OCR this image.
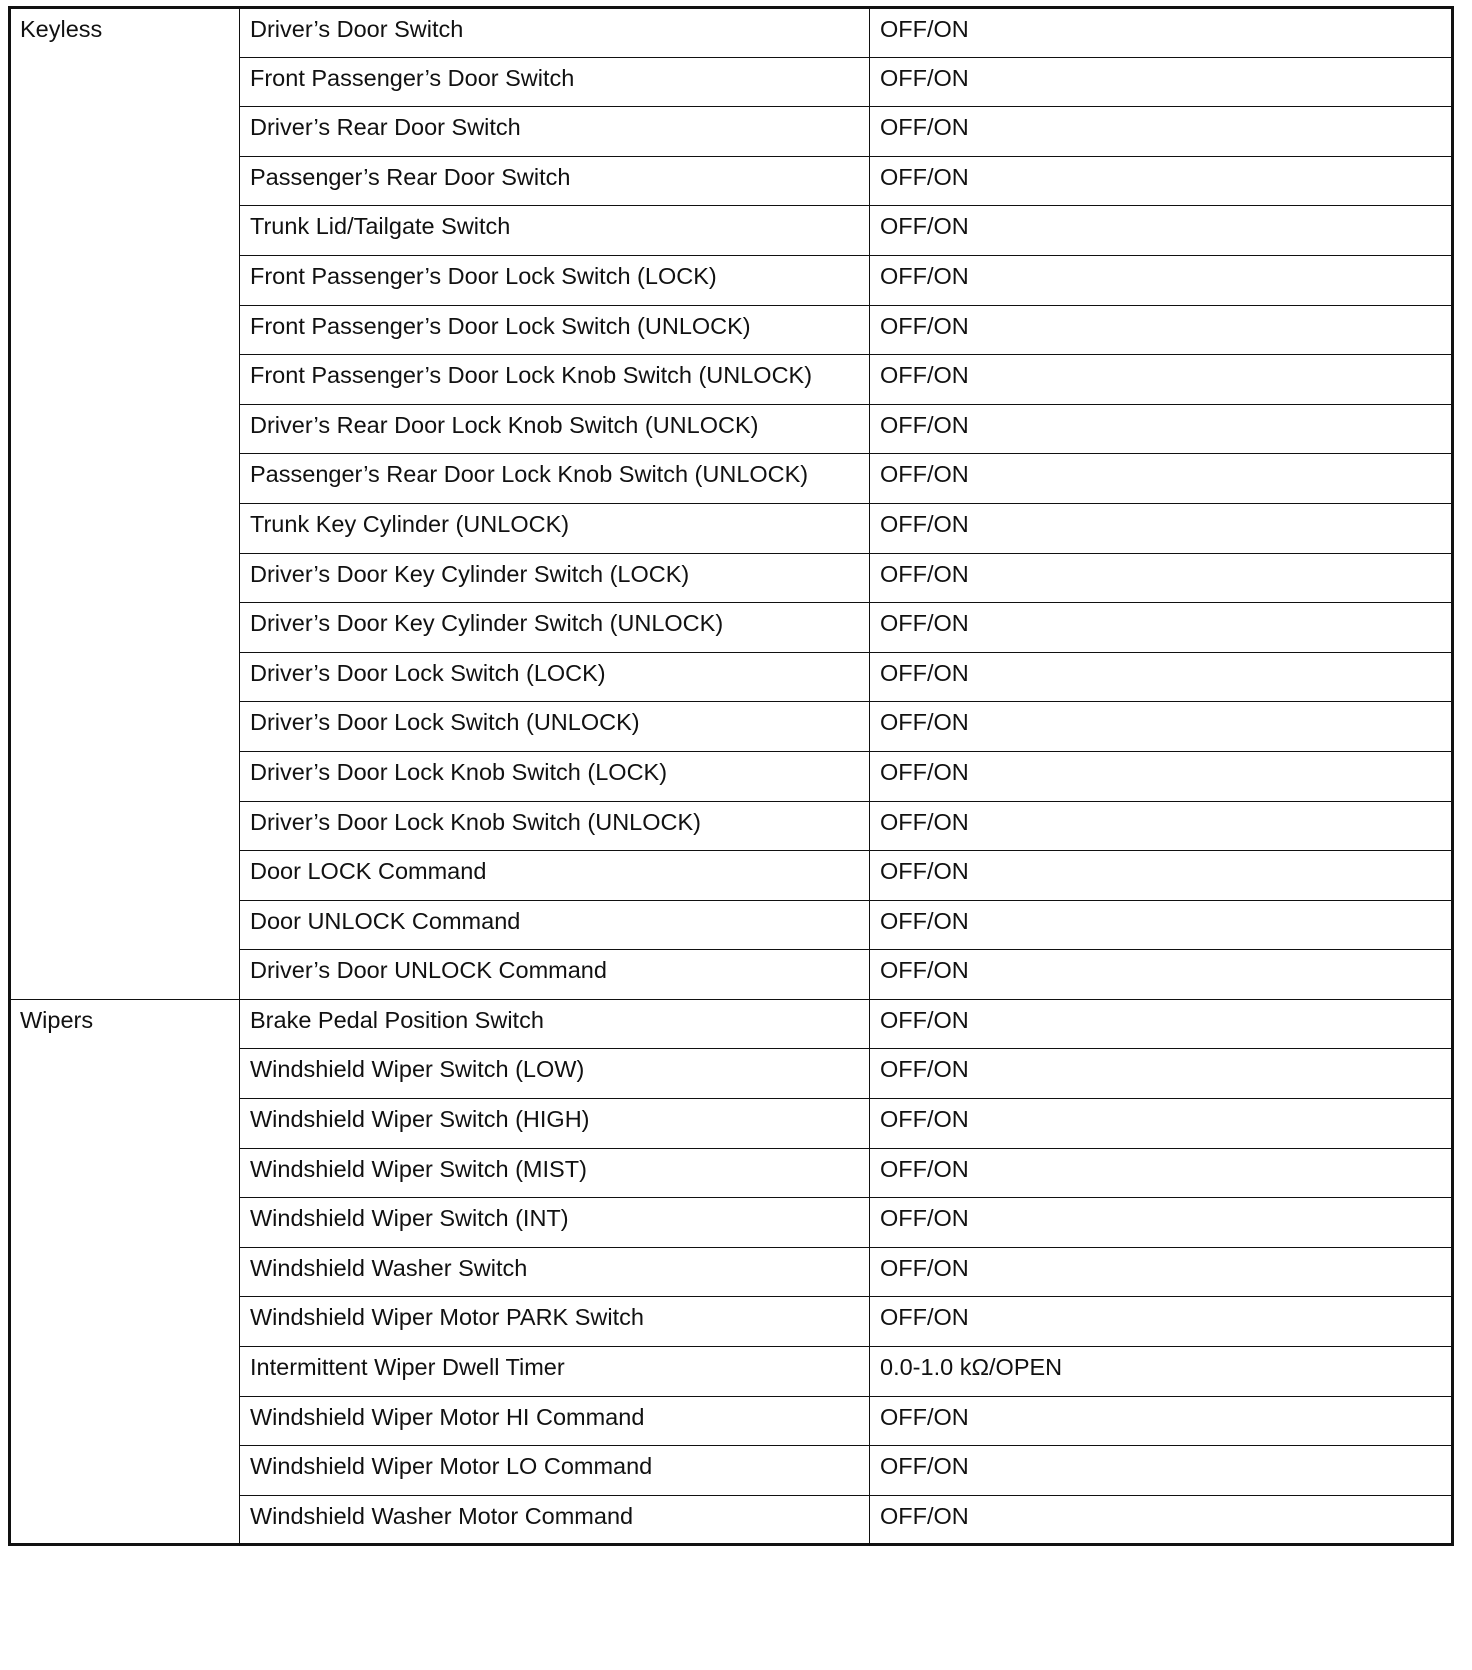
Keyless	Driver’s Door Switch	OFF/ON
	Front Passenger’s Door Switch	OFF/ON
	Driver’s Rear Door Switch	OFF/ON
	Passenger’s Rear Door Switch	OFF/ON
	Trunk Lid/Tailgate Switch	OFF/ON
	Front Passenger’s Door Lock Switch (LOCK)	OFF/ON
	Front Passenger’s Door Lock Switch (UNLOCK)	OFF/ON
	Front Passenger’s Door Lock Knob Switch (UNLOCK)	OFF/ON
	Driver’s Rear Door Lock Knob Switch (UNLOCK)	OFF/ON
	Passenger’s Rear Door Lock Knob Switch (UNLOCK)	OFF/ON
	Trunk Key Cylinder (UNLOCK)	OFF/ON
	Driver’s Door Key Cylinder Switch (LOCK)	OFF/ON
	Driver’s Door Key Cylinder Switch (UNLOCK)	OFF/ON
	Driver’s Door Lock Switch (LOCK)	OFF/ON
	Driver’s Door Lock Switch (UNLOCK)	OFF/ON
	Driver’s Door Lock Knob Switch (LOCK)	OFF/ON
	Driver’s Door Lock Knob Switch (UNLOCK)	OFF/ON
	Door LOCK Command	OFF/ON
	Door UNLOCK Command	OFF/ON
	Driver’s Door UNLOCK Command	OFF/ON
Wipers	Brake Pedal Position Switch	OFF/ON
	Windshield Wiper Switch (LOW)	OFF/ON
	Windshield Wiper Switch (HIGH)	OFF/ON
	Windshield Wiper Switch (MIST)	OFF/ON
	Windshield Wiper Switch (INT)	OFF/ON
	Windshield Washer Switch	OFF/ON
	Windshield Wiper Motor PARK Switch	OFF/ON
	Intermittent Wiper Dwell Timer	0.0-1.0 kΩ/OPEN
	Windshield Wiper Motor HI Command	OFF/ON
	Windshield Wiper Motor LO Command	OFF/ON
	Windshield Washer Motor Command	OFF/ON
